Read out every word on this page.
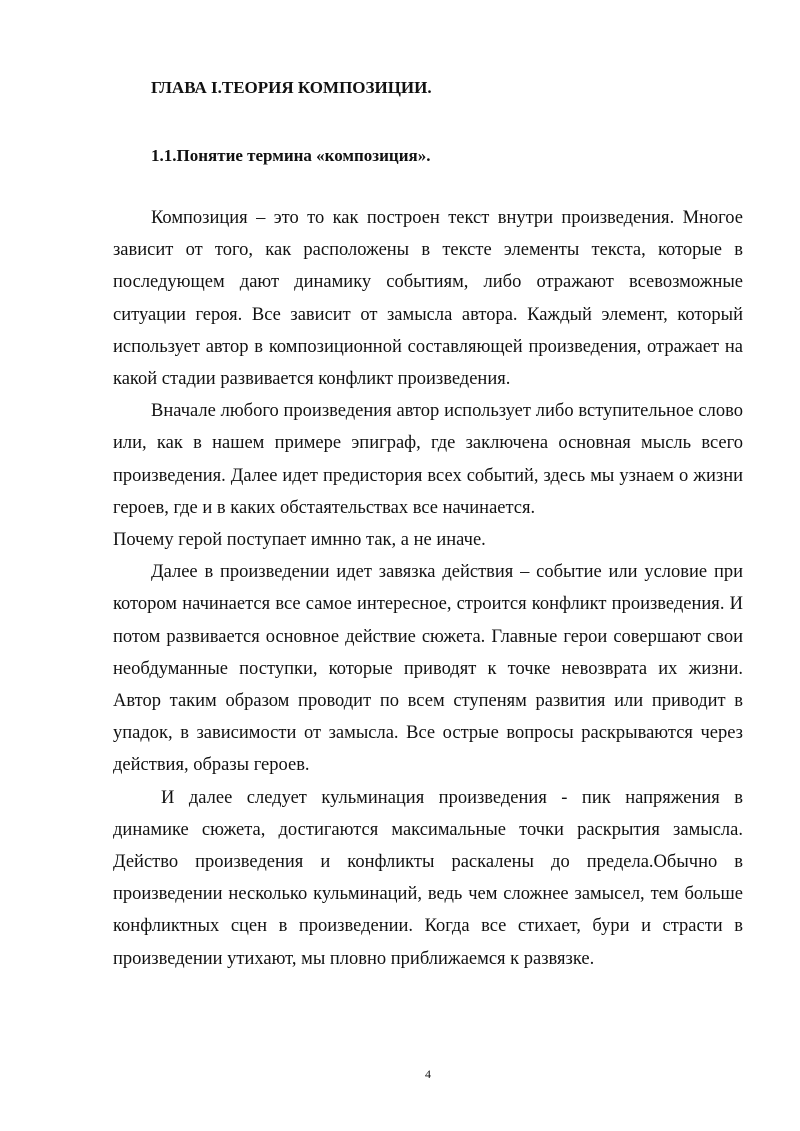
ГЛАВА I.ТЕОРИЯ КОМПОЗИЦИИ.
1.1.Понятие термина «композиция».

Композиция – это то как построен текст внутри произведения. Многое зависит от того, как расположены в тексте элементы текста, которые в последующем дают динамику событиям, либо отражают всевозможные ситуации героя. Все зависит от замысла автора. Каждый элемент, который использует автор в композиционной составляющей произведения, отражает на какой стадии развивается конфликт произведения.

Вначале любого произведения автор использует либо вступительное слово или, как в нашем примере эпиграф, где заключена основная мысль всего произведения. Далее идет предистория всех событий, здесь мы узнаем о жизни героев, где и в каких обстаятельствах все начинается.

Почему герой поступает имнно так, а не иначе.

Далее в произведении идет завязка действия – событие или условие при котором начинается все самое интересное, строится конфликт произведения. И потом развивается основное действие сюжета. Главные герои совершают свои необдуманные поступки, которые приводят к точке невозврата их жизни. Автор таким образом проводит по всем ступеням развития или приводит в упадок, в зависимости от замысла. Все острые вопросы раскрываются через действия, образы героев.

И далее следует кульминация произведения - пик напряжения в динамике сюжета, достигаются максимальные точки раскрытия замысла. Действо произведения и конфликты раскалены до предела.Обычно в произведении несколько кульминаций, ведь чем сложнее замысел, тем больше конфликтных сцен в произведении. Когда все стихает, бури и страсти в произведении утихают, мы пловно приближаемся к развязке.

4
